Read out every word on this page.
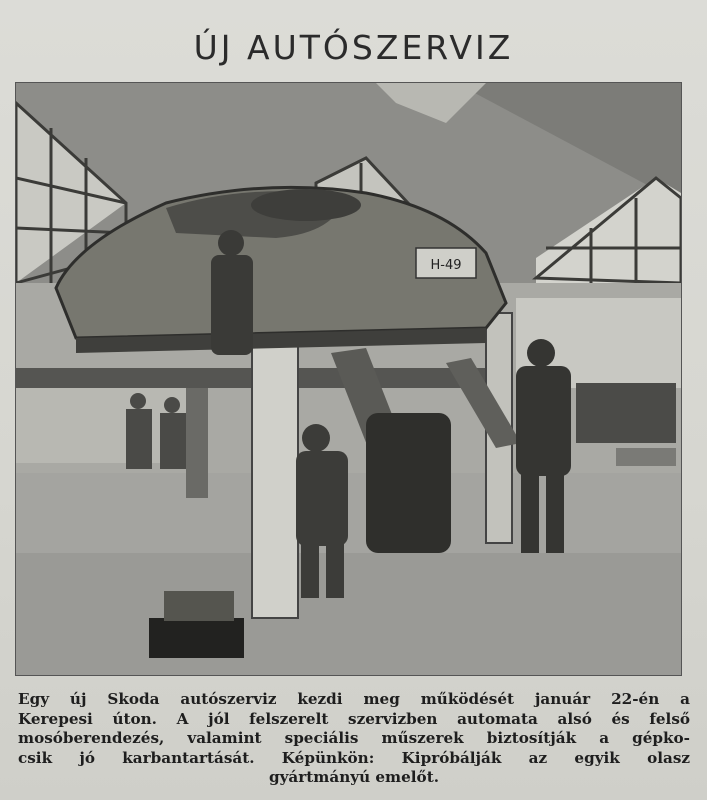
ÚJ AUTÓSZERVIZ
H-49
Egy új Skoda autószerviz kezdi meg működését január 22-én a
Kerepesi úton. A jól felszerelt szervizben automata alsó és felső
mosóberendezés, valamint speciális műszerek biztosítják a gépko-
csik jó karbantartását. Képünkön: Kipróbálják az egyik olasz
gyártmányú emelőt.
